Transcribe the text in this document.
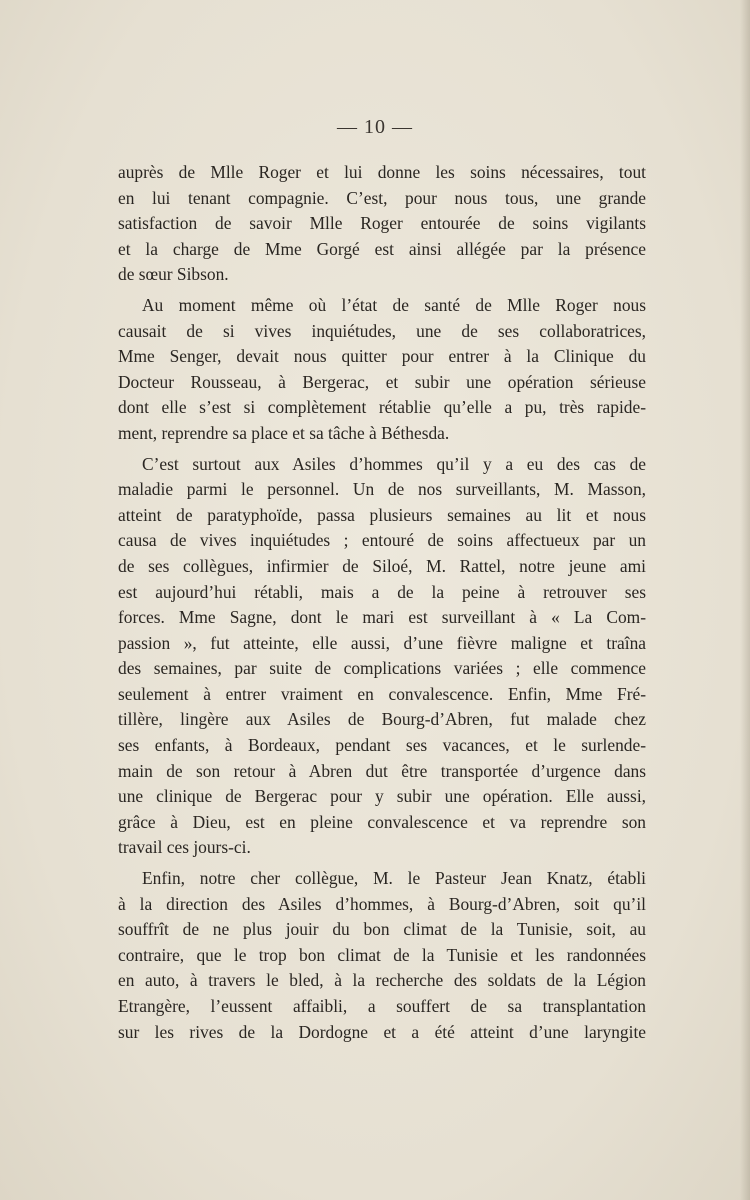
— 10 —
auprès de Mlle Roger et lui donne les soins nécessaires, tout
en lui tenant compagnie. C’est, pour nous tous, une grande
satisfaction de savoir Mlle Roger entourée de soins vigilants
et la charge de Mme Gorgé est ainsi allégée par la présence
de sœur Sibson.
Au moment même où l’état de santé de Mlle Roger nous
causait de si vives inquiétudes, une de ses collaboratrices,
Mme Senger, devait nous quitter pour entrer à la Clinique du
Docteur Rousseau, à Bergerac, et subir une opération sérieuse
dont elle s’est si complètement rétablie qu’elle a pu, très rapide-
ment, reprendre sa place et sa tâche à Béthesda.
C’est surtout aux Asiles d’hommes qu’il y a eu des cas de
maladie parmi le personnel. Un de nos surveillants, M. Masson,
atteint de paratyphoïde, passa plusieurs semaines au lit et nous
causa de vives inquiétudes ; entouré de soins affectueux par un
de ses collègues, infirmier de Siloé, M. Rattel, notre jeune ami
est aujourd’hui rétabli, mais a de la peine à retrouver ses
forces. Mme Sagne, dont le mari est surveillant à « La Com-
passion », fut atteinte, elle aussi, d’une fièvre maligne et traîna
des semaines, par suite de complications variées ; elle commence
seulement à entrer vraiment en convalescence. Enfin, Mme Fré-
tillère, lingère aux Asiles de Bourg-d’Abren, fut malade chez
ses enfants, à Bordeaux, pendant ses vacances, et le surlende-
main de son retour à Abren dut être transportée d’urgence dans
une clinique de Bergerac pour y subir une opération. Elle aussi,
grâce à Dieu, est en pleine convalescence et va reprendre son
travail ces jours-ci.
Enfin, notre cher collègue, M. le Pasteur Jean Knatz, établi
à la direction des Asiles d’hommes, à Bourg-d’Abren, soit qu’il
souffrît de ne plus jouir du bon climat de la Tunisie, soit, au
contraire, que le trop bon climat de la Tunisie et les randonnées
en auto, à travers le bled, à la recherche des soldats de la Légion
Etrangère, l’eussent affaibli, a souffert de sa transplantation
sur les rives de la Dordogne et a été atteint d’une laryngite
